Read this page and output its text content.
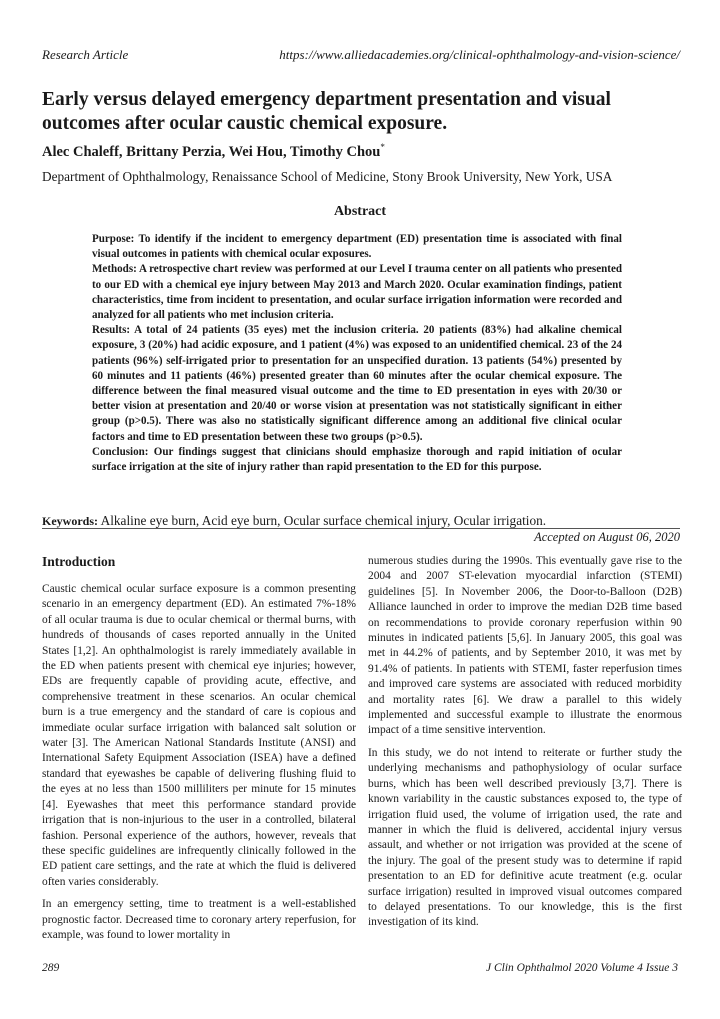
Research Article	https://www.alliedacademies.org/clinical-ophthalmology-and-vision-science/
Early versus delayed emergency department presentation and visual outcomes after ocular caustic chemical exposure.
Alec Chaleff, Brittany Perzia, Wei Hou, Timothy Chou*
Department of Ophthalmology, Renaissance School of Medicine, Stony Brook University, New York, USA
Abstract

Purpose: To identify if the incident to emergency department (ED) presentation time is associated with final visual outcomes in patients with chemical ocular exposures.

Methods: A retrospective chart review was performed at our Level I trauma center on all patients who presented to our ED with a chemical eye injury between May 2013 and March 2020. Ocular examination findings, patient characteristics, time from incident to presentation, and ocular surface irrigation information were recorded and analyzed for all patients who met inclusion criteria.

Results: A total of 24 patients (35 eyes) met the inclusion criteria. 20 patients (83%) had alkaline chemical exposure, 3 (20%) had acidic exposure, and 1 patient (4%) was exposed to an unidentified chemical. 23 of the 24 patients (96%) self-irrigated prior to presentation for an unspecified duration. 13 patients (54%) presented by 60 minutes and 11 patients (46%) presented greater than 60 minutes after the ocular chemical exposure. The difference between the final measured visual outcome and the time to ED presentation in eyes with 20/30 or better vision at presentation and 20/40 or worse vision at presentation was not statistically significant in either group (p>0.5). There was also no statistically significant difference among an additional five clinical ocular factors and time to ED presentation between these two groups (p>0.5).

Conclusion: Our findings suggest that clinicians should emphasize thorough and rapid initiation of ocular surface irrigation at the site of injury rather than rapid presentation to the ED for this purpose.

Keywords: Alkaline eye burn, Acid eye burn, Ocular surface chemical injury, Ocular irrigation.
Accepted on August 06, 2020
Introduction

Caustic chemical ocular surface exposure is a common presenting scenario in an emergency department (ED). An estimated 7%-18% of all ocular trauma is due to ocular chemical or thermal burns, with hundreds of thousands of cases reported annually in the United States [1,2]. An ophthalmologist is rarely immediately available in the ED when patients present with chemical eye injuries; however, EDs are frequently capable of providing acute, effective, and comprehensive treatment in these scenarios. An ocular chemical burn is a true emergency and the standard of care is copious and immediate ocular surface irrigation with balanced salt solution or water [3]. The American National Standards Institute (ANSI) and International Safety Equipment Association (ISEA) have a defined standard that eyewashes be capable of delivering flushing fluid to the eyes at no less than 1500 milliliters per minute for 15 minutes [4]. Eyewashes that meet this performance standard provide irrigation that is non-injurious to the user in a controlled, bilateral fashion. Personal experience of the authors, however, reveals that these specific guidelines are infrequently clinically followed in the ED patient care settings, and the rate at which the fluid is delivered often varies considerably.

In an emergency setting, time to treatment is a well-established prognostic factor. Decreased time to coronary artery reperfusion, for example, was found to lower mortality in

numerous studies during the 1990s. This eventually gave rise to the 2004 and 2007 ST-elevation myocardial infarction (STEMI) guidelines [5]. In November 2006, the Door-to-Balloon (D2B) Alliance launched in order to improve the median D2B time based on recommendations to provide coronary reperfusion within 90 minutes in indicated patients [5,6]. In January 2005, this goal was met in 44.2% of patients, and by September 2010, it was met by 91.4% of patients. In patients with STEMI, faster reperfusion times and improved care systems are associated with reduced morbidity and mortality rates [6]. We draw a parallel to this widely implemented and successful example to illustrate the enormous impact of a time sensitive intervention.

In this study, we do not intend to reiterate or further study the underlying mechanisms and pathophysiology of ocular surface burns, which has been well described previously [3,7]. There is known variability in the caustic substances exposed to, the type of irrigation fluid used, the volume of irrigation used, the rate and manner in which the fluid is delivered, accidental injury versus assault, and whether or not irrigation was provided at the scene of the injury. The goal of the present study was to determine if rapid presentation to an ED for definitive acute treatment (e.g. ocular surface irrigation) resulted in improved visual outcomes compared to delayed presentations. To our knowledge, this is the first investigation of its kind.

289	J Clin Ophthalmol 2020 Volume 4 Issue 3
